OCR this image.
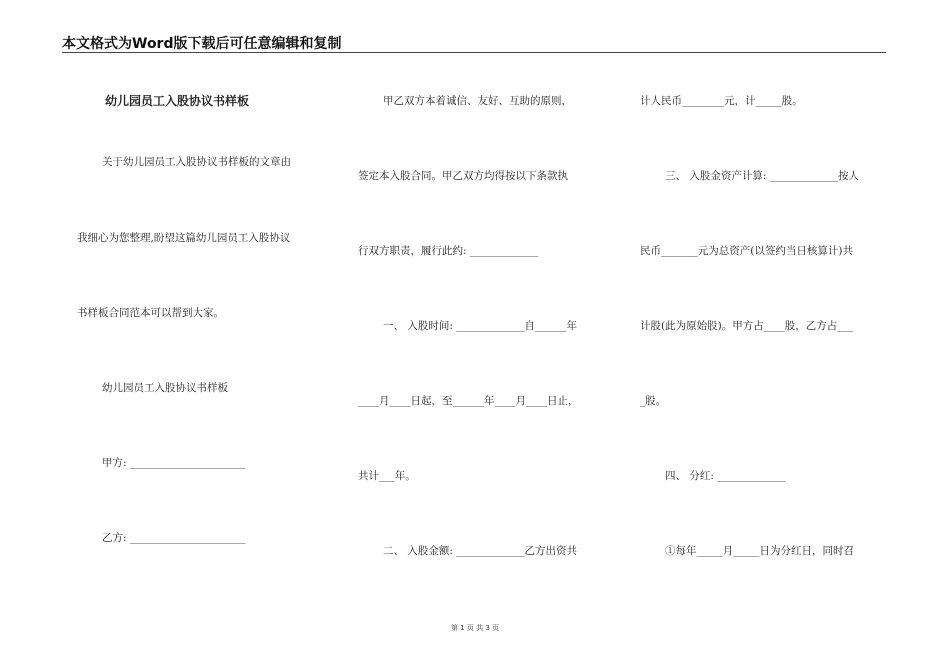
本文格式为Word版下载后可任意编辑和复制
幼儿园员工入股协议书样板
关于幼儿园员工入股协议书样板的文章由
我细心为您整理,盼望这篇幼儿园员工入股协议
书样板合同范本可以帮到大家。
幼儿园员工入股协议书样板
甲方: ______________________
乙方: ______________________
甲乙双方本着诚信、友好、互助的原则，
签定本入股合同。甲乙双方均得按以下条款执
行双方职责，履行此约: _____________
一、 入股时间: _____________自______年
____月____日起，至______年____月____日止，
共计___年。
二、 入股金额: _____________乙方出资共
计人民币________元，计_____股。
三、 入股金资产计算: _____________按人
民币_______元为总资产(以签约当日核算计)共
计股(此为原始股)。甲方占____股，乙方占___
_股。
四、 分红: _____________
①每年_____月_____日为分红日，同时召
第 1 页 共 3 页
